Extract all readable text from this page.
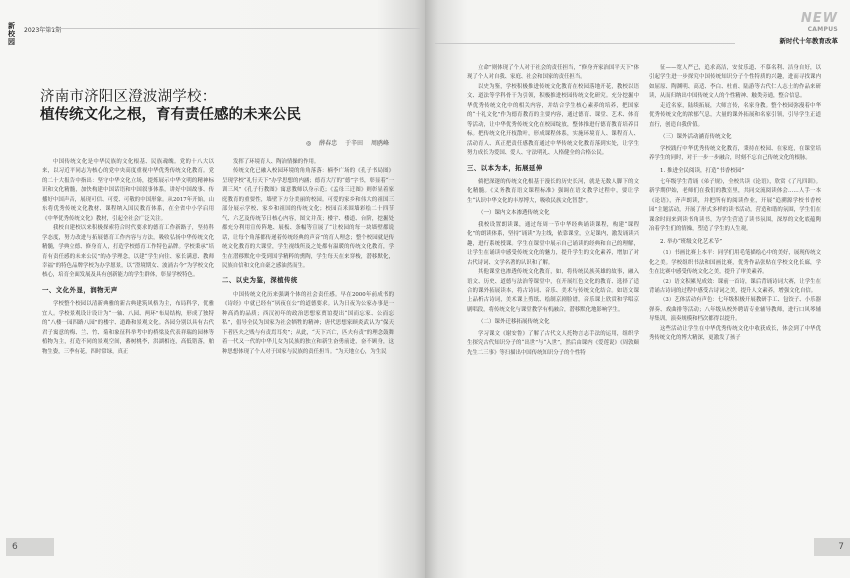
新校园
2023年第1期
济南市济阳区澄波湖学校：
植传统文化之根，育有责任感的未来公民
◎ 薛春忠 于辛田 周鸥峰

中国传统文化是中华民族的文化根基、民族魂魄。党的十八大以来，以习近平同志为核心的党中央高度重视中华优秀传统文化教育。党的二十大报告中指出：坚守中华文化立场，提炼展示中华文明的精神标识和文化精髓，加快构建中国话语和中国叙事体系，讲好中国故事、传播好中国声音，展现可信、可爱、可敬的中国形象。从2017年开始，山东将优秀传统文化教材、课程纳入国民教育体系，在全省中小学启用《中华优秀传统文化》教材，引起全社会广泛关注。

我校自建校以来积极探索符合时代要求的德育工作新路子，坚持科学态度，努力改进与拓展德育工作内容与方法，吸收弘扬中华传统文化精髓，学典立德、修身育人，打造学校德育工作特色品牌。学校秉承“培育有责任感的未来公民”的办学理念，以建“学生向往、家长满意、教师幸福”的特色品牌学校为办学愿景，以“澄境期女、波涌古今”为学校文化核心，培育全面发展及具有创新能力的学生群体，彰显学校特色。

一、文化外显，润物无声

学校整个校园以清新典雅的新古典建筑风格为主，布局科学，优雅宜人。学校景观设计设计为“一轴、八园、两环”布局结构，形成了独特的“八楼一园四路八园”的楼宇、道路和景观文化。各园分别以具有古代君子寓意的梅、兰、竹、菊和象征科举考中的桥梁及代表祥瑞的园林等植物为主，打造不同的景观空间，蕃树桃李，洪湖相连，高低错落，舶物生姿，三季有花，四时常绿，真正

发挥了环境育人、陶冶情操的作用。

传统文化已融入校园环境的角角落落：楠李广场的《孔子书局图》呈现学校“礼行天下”办学思想的内涵；德育大厅的“德”字书，彰显着“一训三风”《孔子行教图》寓意教师以身示范；《孟母三迁图》则彰显着家庭教育的重要性，墙壁下方分美丽的校园。可爱的家乡和伟大的祖国三部分展示学校、家乡和祖国的传统文化；校园百米围墙彩绘二十四节气、六艺及传统节日核心内容，图文并茂；楼宇、楼道、台阶，挖掘处都充分利用宣传阵地、展板、条幅等宣展了“让校园的每一块墙壁都说话，让每个角落都传递着传统经典的声音”的育人理念；整个校园就是传统文化教育的大课堂，学生视线所及之处都有温暖的传统文化教育，学生在潜移默化中受到国学精粹的熏陶，学生每天在来穿梭，潜移默化，民族自信和文化自豪之感油然而生。

二、以史为鉴，深植传统

中国传统文化历来强调个体的社会责任感。早在2000年前成书的《诗经》中就已经有“夙夜在公”的道德要求。认为日夜为公家办事是一种高尚的品质；西汉初年的政治思想家贾谊提出“国而忘家、公而忘私”，倡导全民为国家为社会牺牲的精神；唐代思想家顾炎武认为“保天下者匹夫之贱与有责焉耳矣”；从此，“天下兴亡，匹夫有责”的理念鼓舞着一代又一代的中华儿女为民族的独立和新生奋勇前进，奋不顾身，这种思想体现了个人对于国家与民族的责任担当。“为天地立心，为生民

6
NEW
CAMPUS
新时代十年教育改革

立命”则体现了个人对于社会的责任担当，“修身齐家治国平天下”体现了个人对自我、家庭、社会和国家的责任担当。

以史为鉴，学校积极推进传统文化教育在校园落地开花，教校以语文、道法等学科骨干为引领，积极推进校园传统文化研究。充分挖掘中华优秀传统文化中的相关内容，并结合学生核心素养的培养，把国家的“十礼文化”作为德育教育的主要内容，通过德育、课堂、艺术、体育等活动，让中华优秀传统文化在校园绽放，整体推进行德育教育培养目标。把传统文化开枝散叶，形成课程体系，实施环境育人、课程育人、活动育人、真正把责任感教育通过中华传统文化教育落到实处，让学生努力成长为爱国、爱人、守法明礼、人格健全的合格公民。

三、以本为本，拓展延伸

倘把深邃的传统文化根基于漫长的历史长河，就是无数人脚下的文化精髓。《义务教育语文课程标准》强调在语文教学过程中，要让学生“认识中华文化的丰厚博大，吸收民族文化智慧”。

（一）课内文本渗透传统文化

我校设置朗读课，通过每周一节中华经典诵读课程，构建“课程化”的朗读体系，坚持“诵读”为主线，依靠课堂，立足课内，激发诵读兴趣，进行系统授课。学生在课堂中展示自己诵读的经典和自己的理解，让学生在诵读中感受传统文化的魅力，提升学生的文化素养，增加了对古代诗词、文学名著的认识和了解。

其他课堂也渗透传统文化教育，如，将传统民族英雄的故事，融入语文、历史、道德与法治等课堂中，在开展红色文化的教育、选择了适合的课外拓展读本，将古诗词、音乐、美术与传统文化结合。如语文课上品析古诗词，美术课上剪纸、绘制京剧脸谱，音乐课上欣赏和学唱京剧唱段，将传统文化与课堂教学有机融合，潜移默化地影响学生。

（二）课外迁移拓展传统文化

学习课文《谢安鲁》了解了古代文人托物言志手法的运用，组织学生探究古代知识分子的“出世”与“入世”，然后由课内《爱莲说》《周敦颐先生二三事》等扫描出中国传统知识分子的个性特

征——宽人严己，追求高洁，安贫乐道、不慕名利、洁身自好，以引起学生进一步探究中国传统知识分子个性特质的兴趣，进而寻找课内如屈原、陶渊明、高适、李白、杜甫、陆游等古代仁人志士的作品来研读，从而归纳出中国传统文人的个性精神、触类旁通，整合信息。

走近名家，陆续拓展，大师言传，名家身教。整个校园弥漫着中华优秀传统文化的浓郁气息，大量的课外拓展和名家引领，引导学生正道直行，创造自我价值。

（三）课外活动涵育传统文化

学校践行中华优秀传统文化教育，秉持在校园、在家庭，在课堂培养学生的同时，对于一步一步融合，时刻不忘自己传统文化的根脉。

1. 推进全民阅读，打造“书香校园”

七年级学生背诵《弟子规》，全校共读《论语》，欣赏《了凡四训》。新学期伊始，老师们在我们的教室里，共同交流阅读体会……人手一本《论语》，齐声朗读，并把所有的阅读作业，开展“追溯源学校书香校园”主题活动，开展了形式多样的读书活动，营造和谐的氛围，学生们在课余时间来到读书角读书，为学生营造了读书氛围，深厚的文化底蕴陶冶着学生们的情操，塑造了学生的人生观。

2. 举办“班级文化艺术节”

（1）书画比赛上本平：同学们用毛笔描绘心中的美好，展现传统文化之美。学校组织书法和国画比赛，优秀作品张贴在学校文化长廊，学生在比赛中感受传统文化之美，提升了审美素养。

（2）语文积累见成效：课前一首诗，课后背诵诗词大赛，让学生在背诵古诗词的过程中感受古诗词之美，提升人文素养，增强文化自信。

（3）艺体活动有声色：七年级积极开展教研手工、包饺子、小乐器弹奏、戏曲排等活动；八年级从校外聘请专业辅导教师，进行口风琴辅导集训，演奏规模和档次都得以提升。

这些活动让学生在中华优秀传统文化中收获成长，体会到了中华优秀传统文化的博大精深，更激发了孩子

7
